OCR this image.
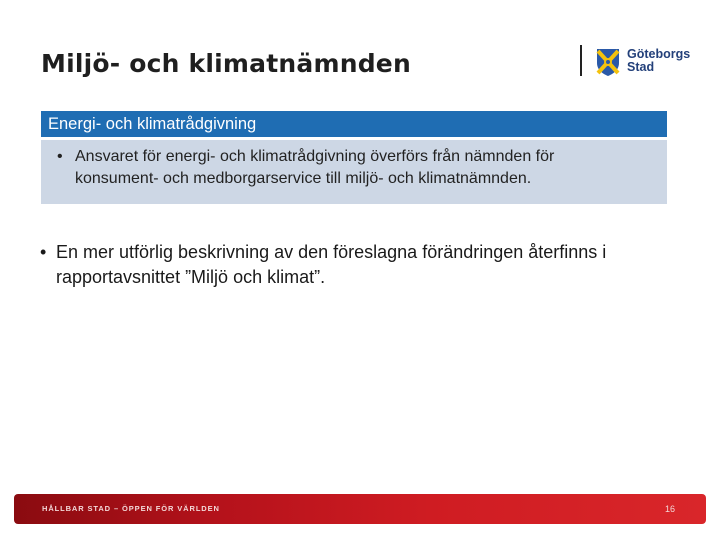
Miljö- och klimatnämnden	Göteborgs
Stad
Energi- och klimatrådgivning
• Ansvaret för energi- och klimatrådgivning överförs från nämnden för
konsument- och medborgarservice till miljö- och klimatnämnden.
• En mer utförlig beskrivning av den föreslagna förändringen återfinns i
rapportavsnittet ”Miljö och klimat”.
HÅLLBAR STAD – ÖPPEN FÖR VÄRLDEN	16
